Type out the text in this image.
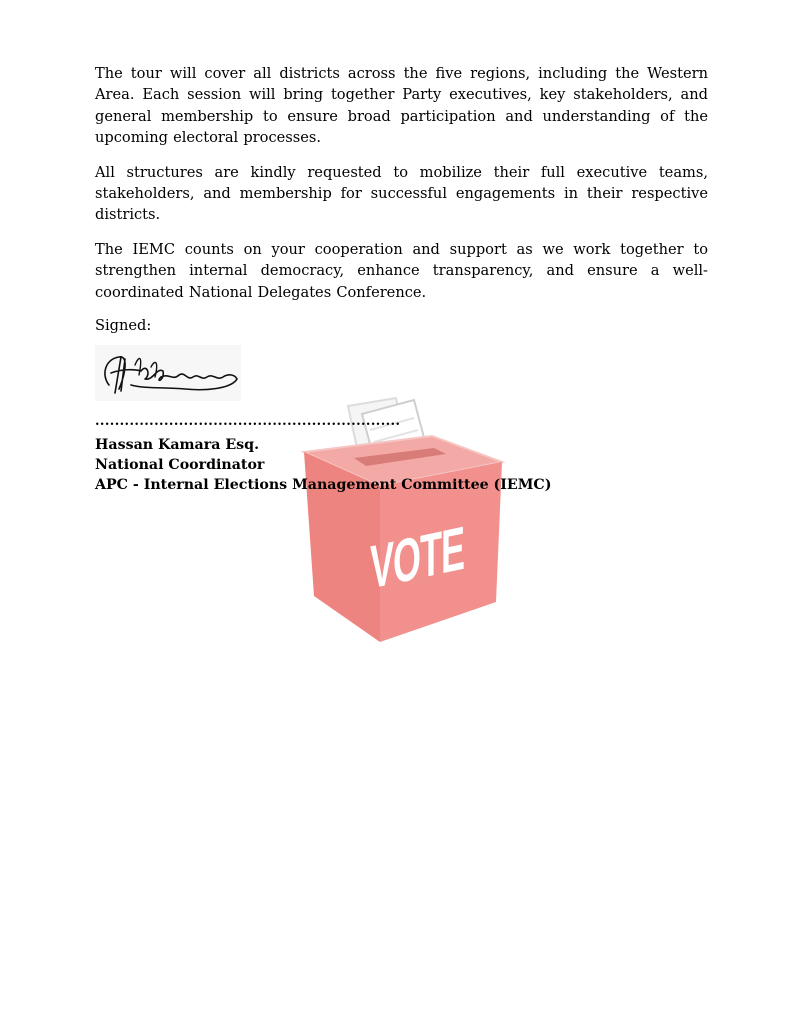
VOTE

The tour will cover all districts across the five regions, including the Western Area. Each session will bring together Party executives, key stakeholders, and general membership to ensure broad participation and understanding of the upcoming electoral processes.

All structures are kindly requested to mobilize their full executive teams, stakeholders, and membership for successful engagements in their respective districts.

The IEMC counts on your cooperation and support as we work together to strengthen internal democracy, enhance transparency, and ensure a well-coordinated National Delegates Conference.

Signed:

..............................................................
Hassan Kamara Esq.
National Coordinator
APC - Internal Elections Management Committee (IEMC)
